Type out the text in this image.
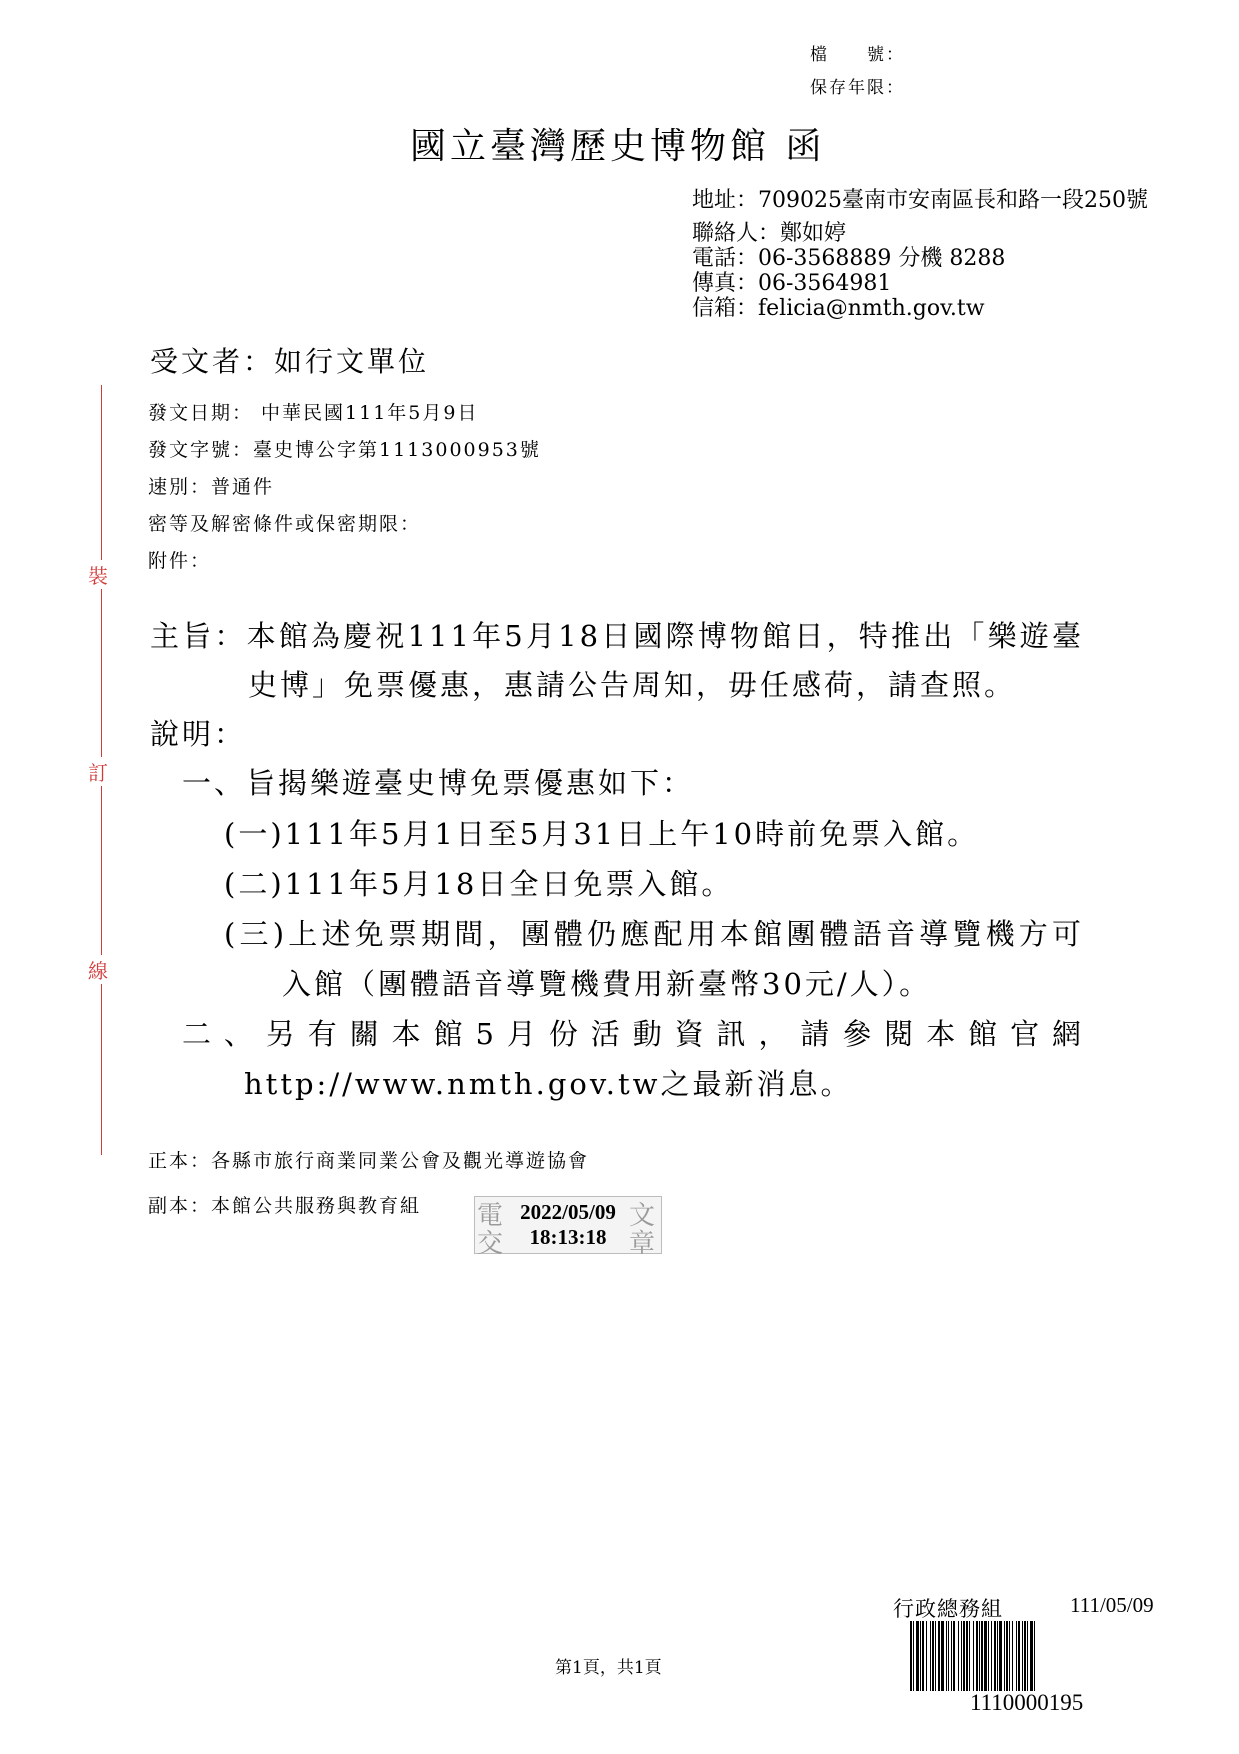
檔　　號：
保存年限：
國立臺灣歷史博物館 函
地址：709025臺南市安南區長和路一段250號
聯絡人：鄭如婷
電話：06-3568889 分機 8288
傳真：06-3564981
信箱：felicia@nmth.gov.tw
受文者：如行文單位
裝
訂
線
發文日期： 中華民國111年5月9日
發文字號：臺史博公字第1113000953號
速別：普通件
密等及解密條件或保密期限：
附件：
主旨：本館為慶祝111年5月18日國際博物館日，特推出「樂遊臺
史博」免票優惠，惠請公告周知，毋任感荷，請查照。
說明：
一、旨揭樂遊臺史博免票優惠如下：
(一)111年5月1日至5月31日上午10時前免票入館。
(二)111年5月18日全日免票入館。
(三)上述免票期間，團體仍應配用本館團體語音導覽機方可
入館（團體語音導覽機費用新臺幣30元/人）。
二、另有關本館5月份活動資訊，請參閱本館官網
http://www.nmth.gov.tw之最新消息。
正本：各縣市旅行商業同業公會及觀光導遊協會
副本：本館公共服務與教育組 電
交
文
章
2022/05/09
18:13:18
第1頁，共1頁
行政總務組	111/05/09
1110000195
